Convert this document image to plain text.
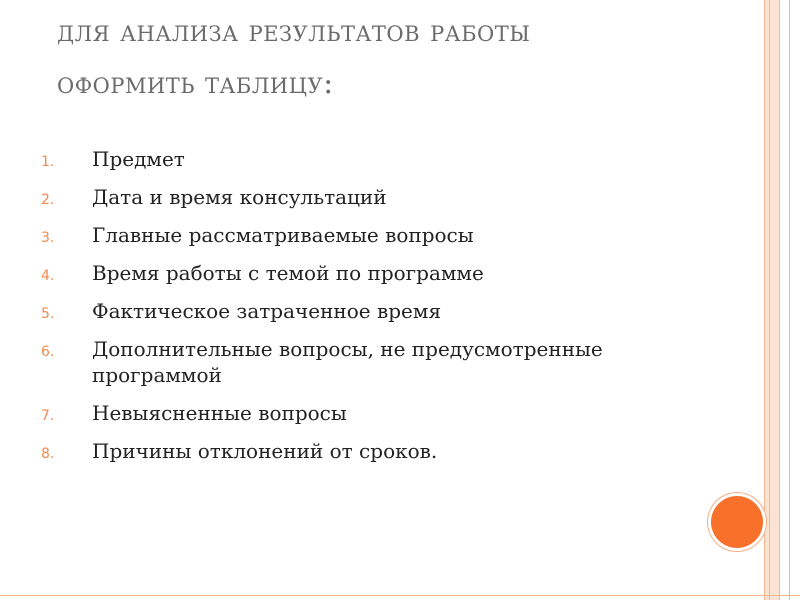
для анализа результатов работы
оформить таблицу:
1. Предмет
2. Дата и время консультаций
3. Главные рассматриваемые вопросы
4. Время работы с темой по программе
5. Фактическое затраченное время
6. Дополнительные вопросы, не предусмотренные программой
7. Невыясненные вопросы
8. Причины отклонений от сроков.
